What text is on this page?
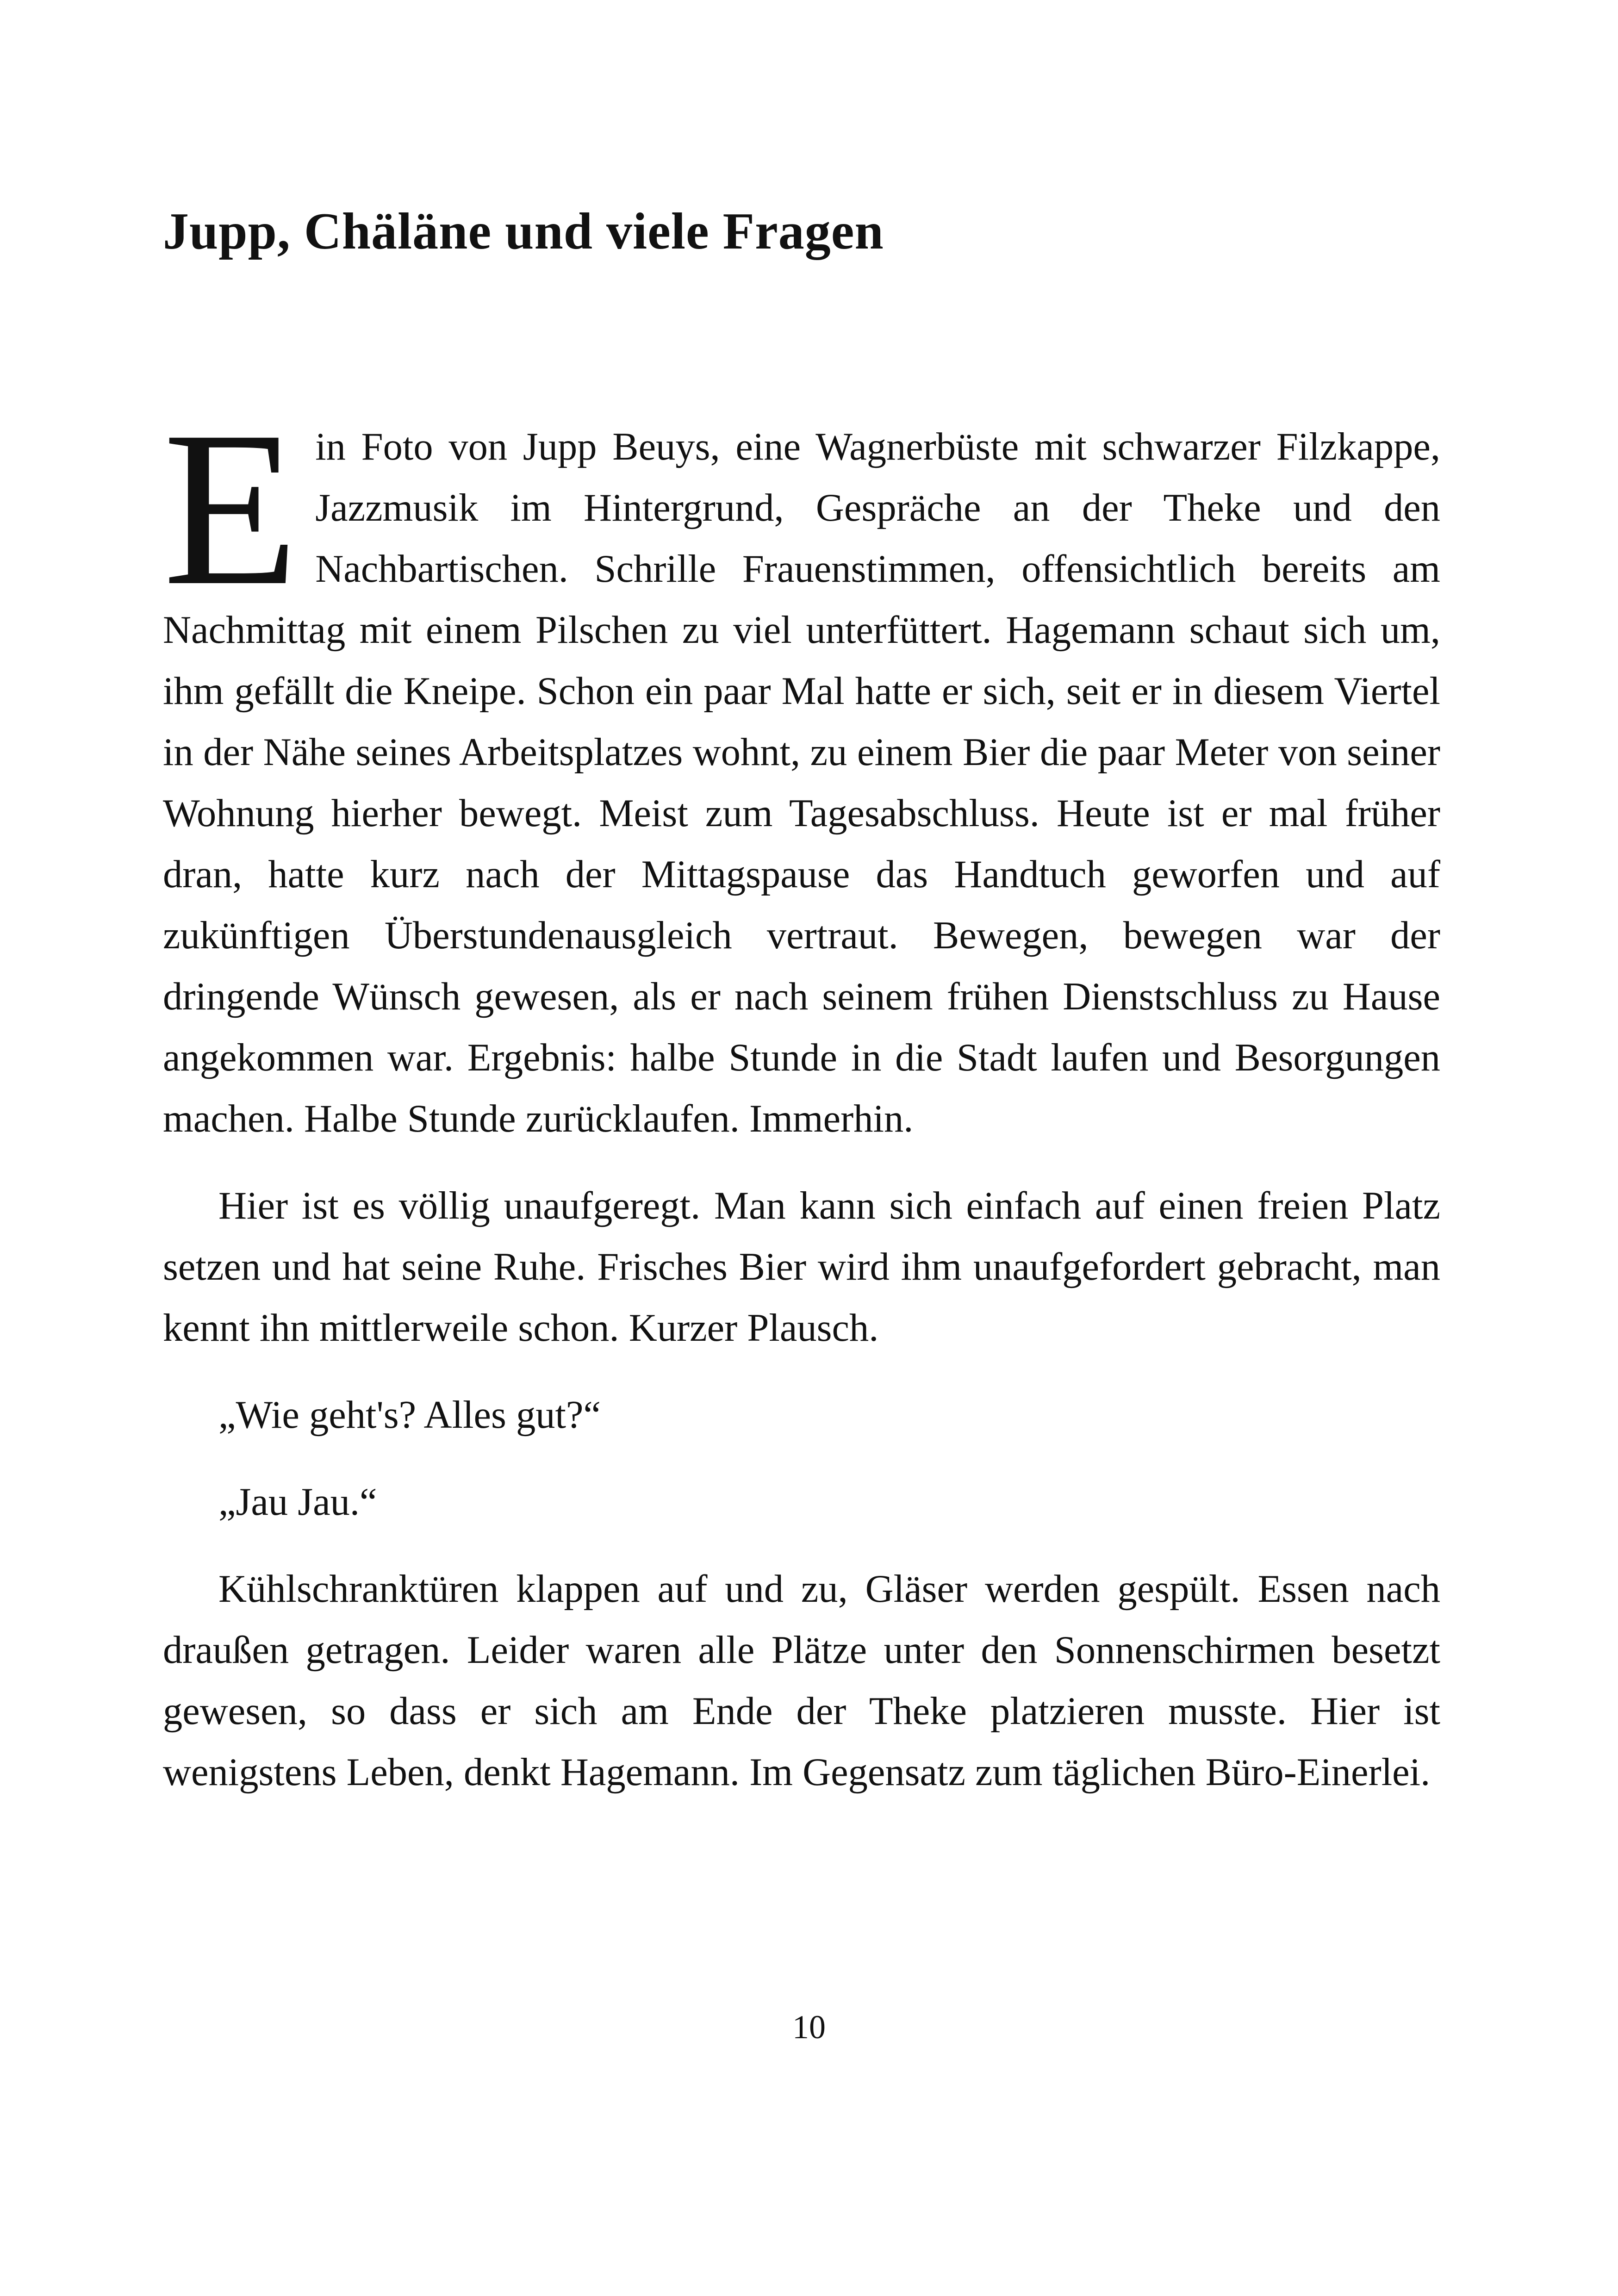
Jupp, Chäläne und viele Fragen

Ein Foto von Jupp Beuys, eine Wagnerbüste mit schwarzer Filzkappe, Jazzmusik im Hintergrund, Gespräche an der Theke und den Nachbartischen. Schrille Frauenstimmen, offensichtlich bereits am Nachmittag mit einem Pilschen zu viel unterfüttert. Hagemann schaut sich um, ihm gefällt die Kneipe. Schon ein paar Mal hatte er sich, seit er in diesem Viertel in der Nähe seines Arbeitsplatzes wohnt, zu einem Bier die paar Meter von seiner Wohnung hierher bewegt. Meist zum Tagesabschluss. Heute ist er mal früher dran, hatte kurz nach der Mittagspause das Handtuch geworfen und auf zukünftigen Überstundenausgleich vertraut. Bewegen, bewegen war der dringende Wünsch gewesen, als er nach seinem frühen Dienstschluss zu Hause angekommen war. Ergebnis: halbe Stunde in die Stadt laufen und Besorgungen machen. Halbe Stunde zurücklaufen. Immerhin.

Hier ist es völlig unaufgeregt. Man kann sich einfach auf einen freien Platz setzen und hat seine Ruhe. Frisches Bier wird ihm unaufgefordert gebracht, man kennt ihn mittlerweile schon. Kurzer Plausch.

„Wie geht's? Alles gut?“

„Jau Jau.“

Kühlschranktüren klappen auf und zu, Gläser werden gespült. Essen nach draußen getragen. Leider waren alle Plätze unter den Sonnenschirmen besetzt gewesen, so dass er sich am Ende der Theke platzieren musste. Hier ist wenigstens Leben, denkt Hagemann. Im Gegensatz zum täglichen Büro-Einerlei.

10
